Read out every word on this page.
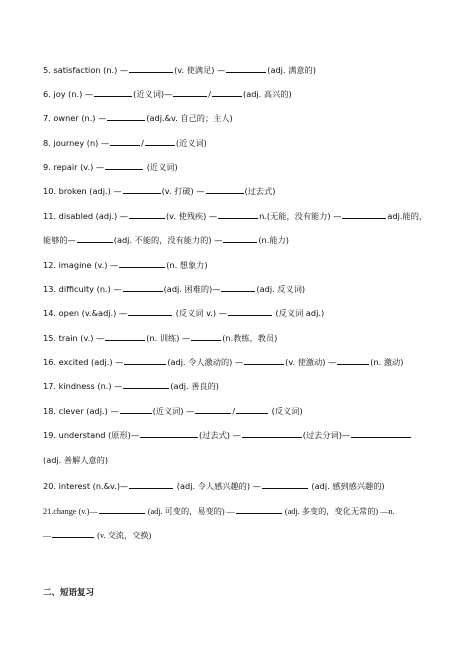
5. satisfaction (n.) —	(v. 使满足) —	(adj. 满意的)
6. joy (n.) —	(近义词)—	/	(adj. 高兴的)
7. owner (n.) —	(adj.&v. 自己的；主人)
8. journey (n) —	/	(近义词)
9. repair (v.) —	(近义词)
10. broken (adj.) —	(v. 打破) —	(过去式)
11. disabled (adj.) —	(v. 使残疾) —	n.(无能，没有能力) —	adj.能的，
能够的—	(adj. 不能的，没有能力的) —	(n.能力)
12. imagine (v.) —	(n. 想象力)
13. difficulty (n.) —	(adj. 困难的)—	(adj. 反义词)
14. open (v.&adj.) —	(反义词 v.) —	(反义词 adj.)
15. train (v.) —	(n. 训练) —	(n.教练，教员)
16. excited (adj.) —	(adj. 令人激动的) —	(v. 使激动) —	(n. 激动)
17. kindness (n.) —	(adj. 善良的)
18. clever (adj.) —	(近义词) —	/	(反义词)
19. understand (原形)—	(过去式) —	(过去分词)—
(adj. 善解人意的)
20. interest (n.&v.)—	(adj. 令人感兴趣的) —	(adj. 感到感兴趣的)
21.change (v.)—	(adj. 可变的，易变的) —	(adj. 多变的，变化无常的) —n.
—	(v. 交流，交换)
二、短语复习
